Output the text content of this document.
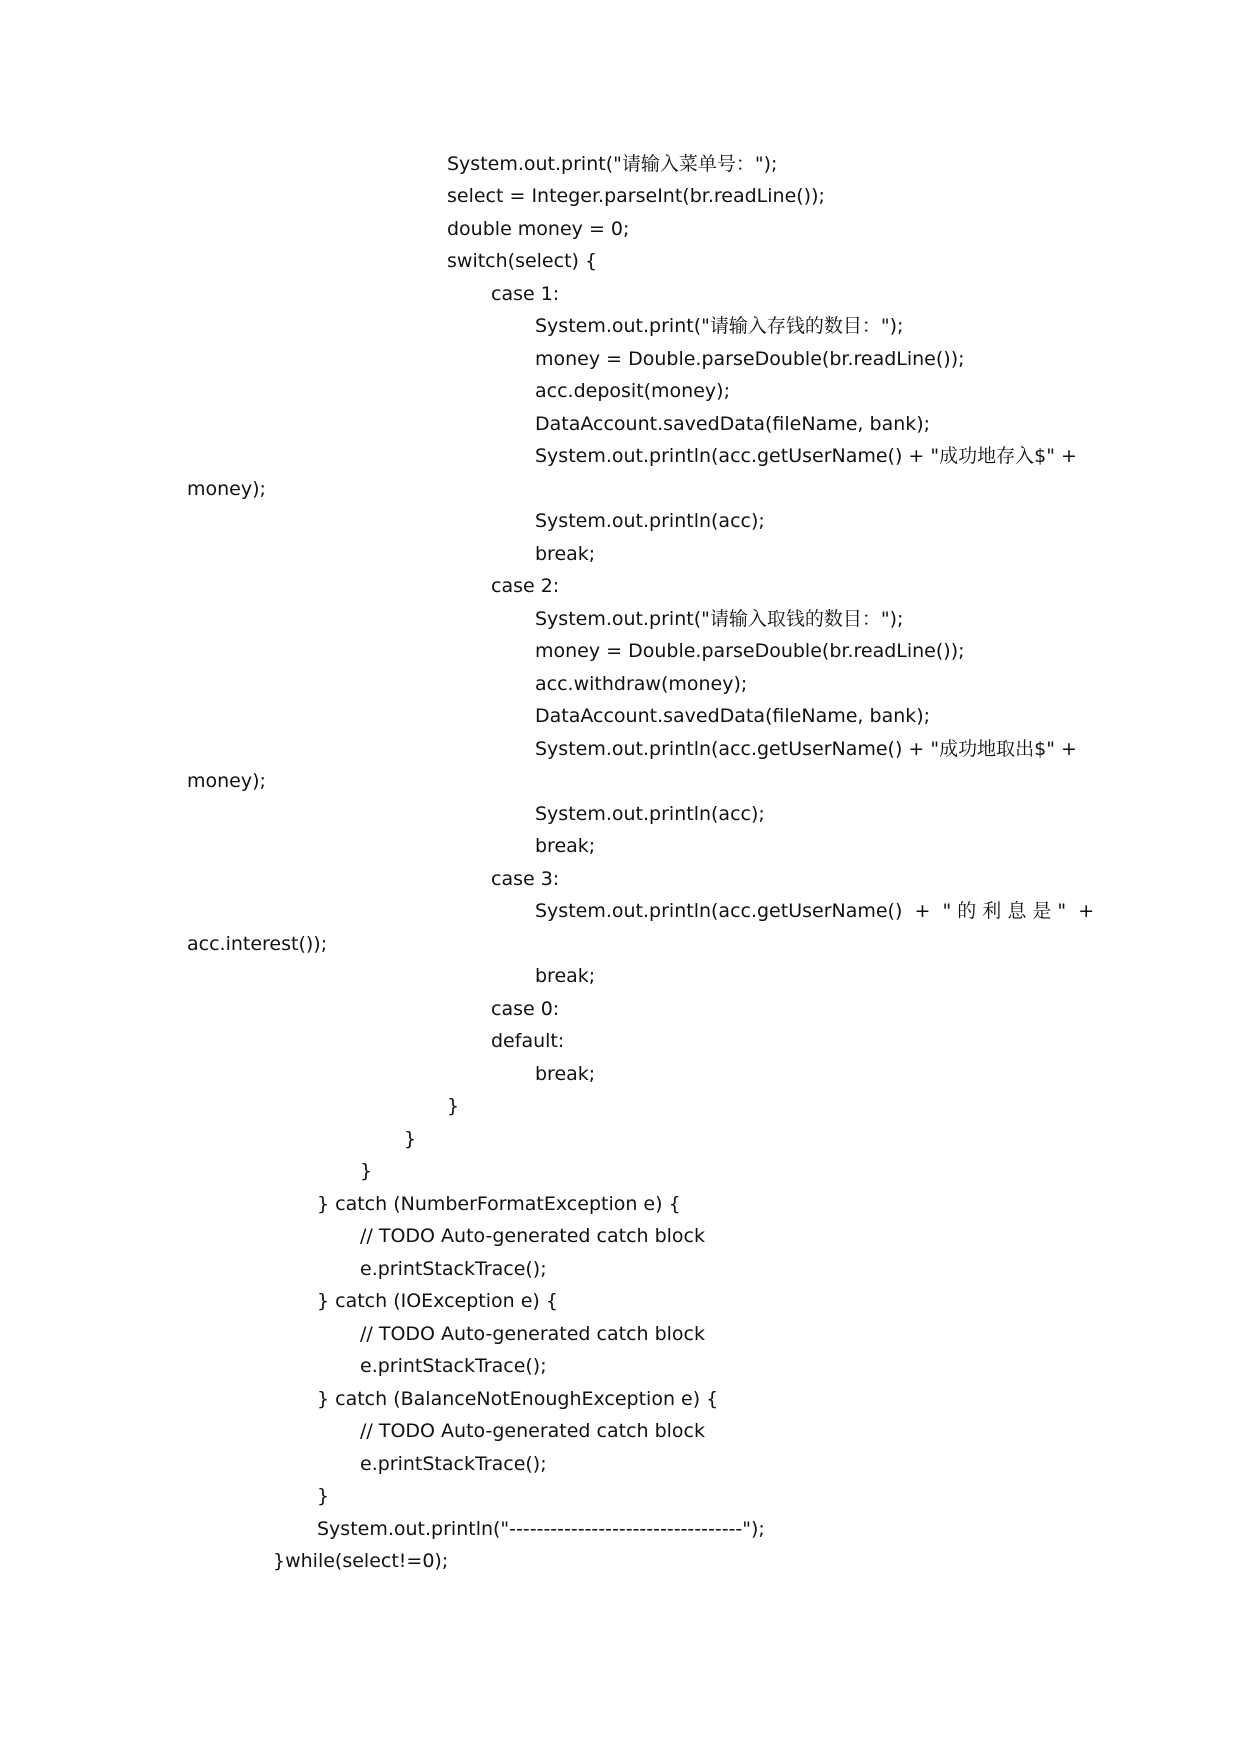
System.out.print("请输入菜单号：");
select = Integer.parseInt(br.readLine());
double money = 0;
switch(select) {
case 1:
System.out.print("请输入存钱的数目：");
money = Double.parseDouble(br.readLine());
acc.deposit(money);
DataAccount.savedData(fileName, bank);
System.out.println(acc.getUserName() + "成功地存入$" +
money);
System.out.println(acc);
break;
case 2:
System.out.print("请输入取钱的数目：");
money = Double.parseDouble(br.readLine());
acc.withdraw(money);
DataAccount.savedData(fileName, bank);
System.out.println(acc.getUserName() + "成功地取出$" +
money);
System.out.println(acc);
break;
case 3:
System.out.println(acc.getUserName()  +  " 的 利 息 是 "  +
acc.interest());
break;
case 0:
default:
break;
}
}
}
} catch (NumberFormatException e) {
// TODO Auto-generated catch block
e.printStackTrace();
} catch (IOException e) {
// TODO Auto-generated catch block
e.printStackTrace();
} catch (BalanceNotEnoughException e) {
// TODO Auto-generated catch block
e.printStackTrace();
}
System.out.println("----------------------------------");
}while(select!=0);
